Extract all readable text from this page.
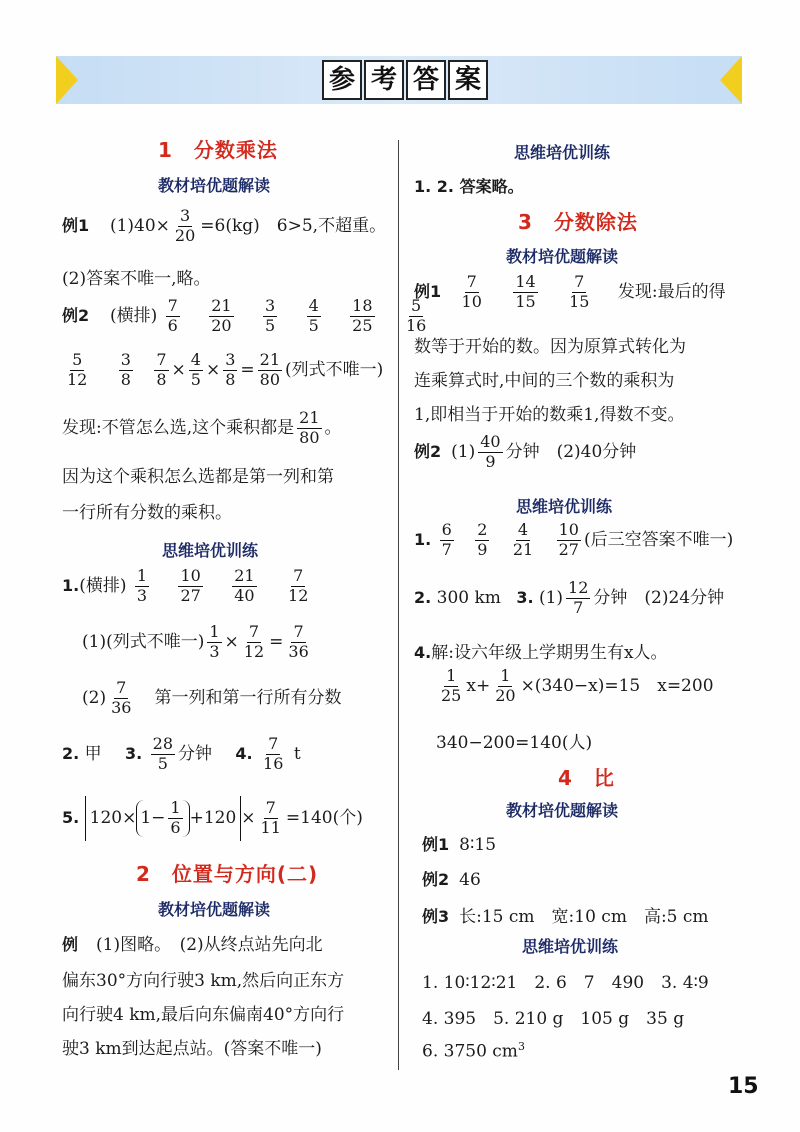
参 考 答 案
1　分数乘法
教材培优题解读
例1 $(1)40\times \frac{3}{20} =6(kg)$　6>5,不超重。
(2)答案不唯一,略。
例2 (横排) $\frac{7}{6}$
$\frac{21}{20}$
$\frac{3}{5}$
$\frac{4}{5}$
$\frac{18}{25}$
$\frac{5}{16}$
$\frac{5}{12}$
$\frac{3}{8}$
$\frac{7}{8} \times \frac{4}{5} \times \frac{3}{8} = \frac{21}{80}$ (列式不唯一)
发现:不管怎么选,这个乘积都是 $\frac{21}{80}$ 。
因为这个乘积怎么选都是第一列和第
一行所有分数的乘积。
思维培优训练
1.(横排) $\frac{1}{3}$
$\frac{10}{27}$
$\frac{21}{40}$
$\frac{7}{12}$
(1)(列式不唯一) $\frac{1}{3} \times \frac{7}{12} = \frac{7}{36}$
$(2) \frac{7}{36}$ 第一列和第一行所有分数
2. 甲 3. $\frac{28}{5}$ 分钟 4. $\frac{7}{16}$ t
5. $120\times 1- \frac{1}{6} +120 \times \frac{7}{11} =140$(个)
2　位置与方向(二)
教材培优题解读
例 (1)图略。　(2)从终点站先向北
偏东30°方向行驶3 km,然后向正东方
向行驶4 km,最后向东偏南40°方向行
驶3 km到达起点站。(答案不唯一)
思维培优训练
1. 2. 答案略。
3　分数除法
教材培优题解读
例$1 \frac{7}{10}$
$\frac{14}{15}$
$\frac{7}{15}$ 发现:最后的得
数等于开始的数。因为原算式转化为
连乘算式时,中间的三个数的乘积为
1,即相当于开始的数乘1,得数不变。
例2 $(1) \frac{40}{9}$ 分钟　(2)40分钟
思维培优训练
1. $\frac{6}{7}$
$\frac{2}{9}$
$\frac{4}{21}$
$\frac{10}{27}$ (后三空答案不唯一)
2. 300 km 3. $(1) \frac{12}{7}$ 分钟　(2)24分钟
4.解:设六年级上学期男生有x人。
$\frac{1}{25} x+ \frac{1}{20} \times(340-x)=15$　x=200
340−200=140(人)
4　比
教材培优题解读
例1 8∶15
例2 46
例3 长:15 cm　宽:10 cm　高:5 cm
思维培优训练
1. 10∶12∶21　2. 6　7　490　3. 4∶9
4. 395　5. 210 g　105 g　35 g
6. 3750 $cm^3$
15
